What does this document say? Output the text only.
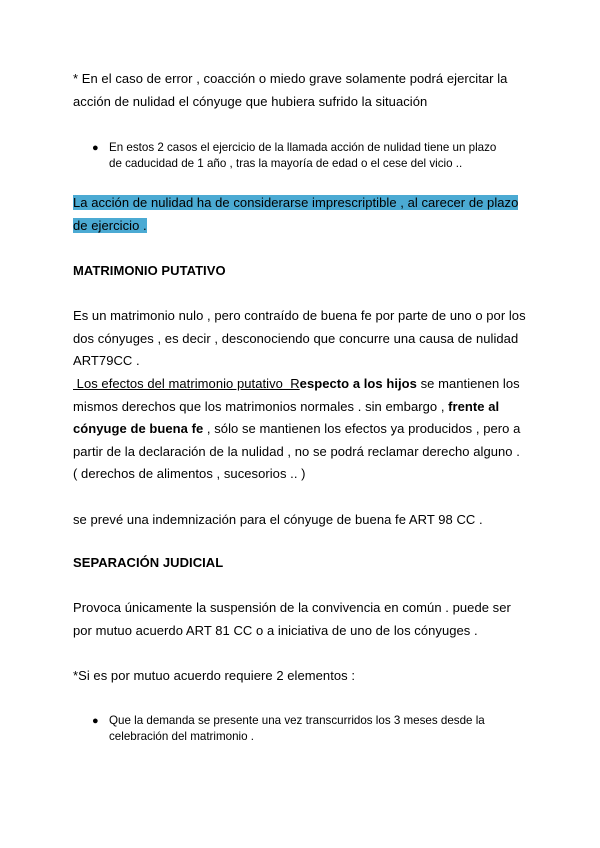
* En el caso de error , coacción o miedo grave solamente podrá ejercitar la
acción de nulidad el cónyuge que hubiera sufrido la situación
● En estos 2 casos el ejercicio de la llamada acción de nulidad tiene un plazo
de caducidad de 1 año , tras la mayoría de edad o el cese del vicio ..
La acción de nulidad ha de considerarse imprescriptible , al carecer de plazo
de ejercicio .
MATRIMONIO PUTATIVO
Es un matrimonio nulo , pero contraído de buena fe por parte de uno o por los
dos cónyuges , es decir , desconociendo que concurre una causa de nulidad
ART79CC .
Los efectos del matrimonio putativo  Respecto a los hijos se mantienen los
mismos derechos que los matrimonios normales . sin embargo , frente al
cónyuge de buena fe , sólo se mantienen los efectos ya producidos , pero a
partir de la declaración de la nulidad , no se podrá reclamar derecho alguno .
( derechos de alimentos , sucesorios .. )
se prevé una indemnización para el cónyuge de buena fe ART 98 CC .
SEPARACIÓN JUDICIAL
Provoca únicamente la suspensión de la convivencia en común . puede ser
por mutuo acuerdo ART 81 CC o a iniciativa de uno de los cónyuges .
*Si es por mutuo acuerdo requiere 2 elementos :
● Que la demanda se presente una vez transcurridos los 3 meses desde la
celebración del matrimonio .
